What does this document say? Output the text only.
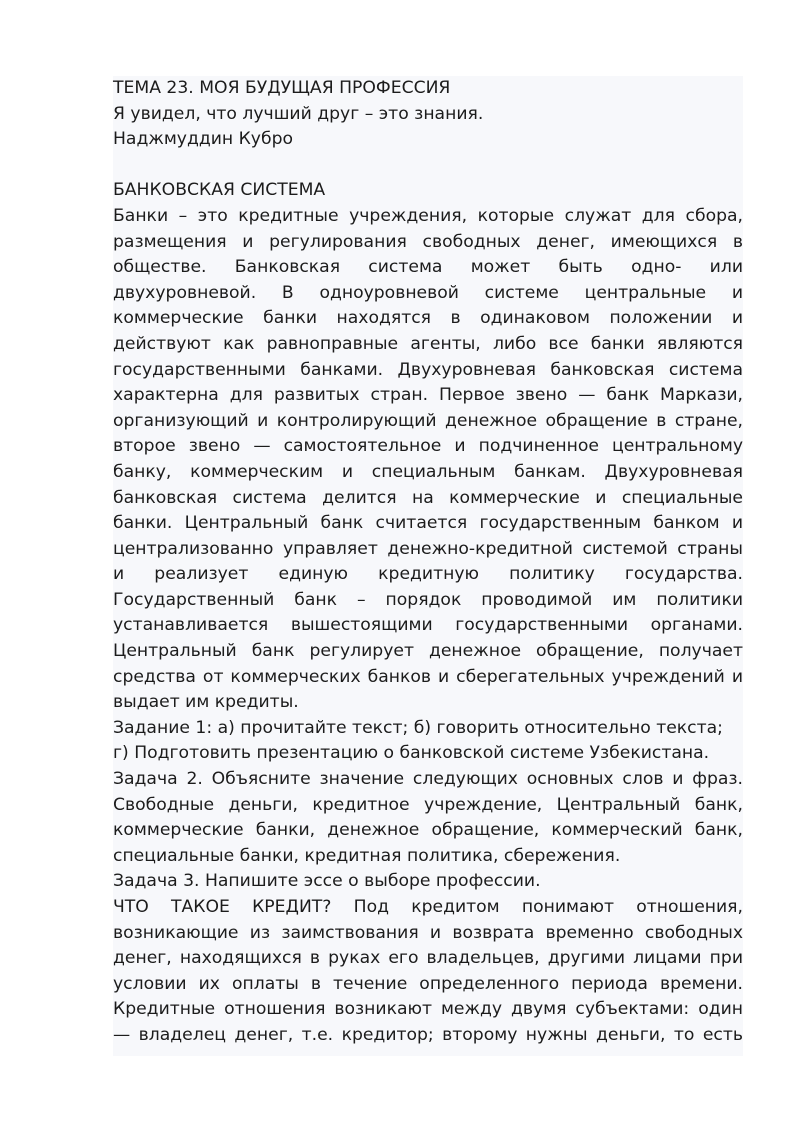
ТЕМА 23. МОЯ БУДУЩАЯ ПРОФЕССИЯ
Я увидел, что лучший друг – это знания.
Наджмуддин Кубро
БАНКОВСКАЯ СИСТЕМА
Банки – это кредитные учреждения, которые служат для сбора,
размещения и регулирования свободных денег, имеющихся в
обществе. Банковская система может быть одно- или
двухуровневой. В одноуровневой системе центральные и
коммерческие банки находятся в одинаковом положении и
действуют как равноправные агенты, либо все банки являются
государственными банками. Двухуровневая банковская система
характерна для развитых стран. Первое звено — банк Маркази,
организующий и контролирующий денежное обращение в стране,
второе звено — самостоятельное и подчиненное центральному
банку, коммерческим и специальным банкам. Двухуровневая
банковская система делится на коммерческие и специальные
банки. Центральный банк считается государственным банком и
централизованно управляет денежно-кредитной системой страны
и реализует единую кредитную политику государства.
Государственный банк – порядок проводимой им политики
устанавливается вышестоящими государственными органами.
Центральный банк регулирует денежное обращение, получает
средства от коммерческих банков и сберегательных учреждений и
выдает им кредиты.
Задание 1: а) прочитайте текст; б) говорить относительно текста;
г) Подготовить презентацию о банковской системе Узбекистана.
Задача 2. Объясните значение следующих основных слов и фраз.
Свободные деньги, кредитное учреждение, Центральный банк,
коммерческие банки, денежное обращение, коммерческий банк,
специальные банки, кредитная политика, сбережения.
Задача 3. Напишите эссе о выборе профессии.
ЧТО ТАКОЕ КРЕДИТ? Под кредитом понимают отношения,
возникающие из заимствования и возврата временно свободных
денег, находящихся в руках его владельцев, другими лицами при
условии их оплаты в течение определенного периода времени.
Кредитные отношения возникают между двумя субъектами: один
— владелец денег, т.е. кредитор; второму нужны деньги, то есть
